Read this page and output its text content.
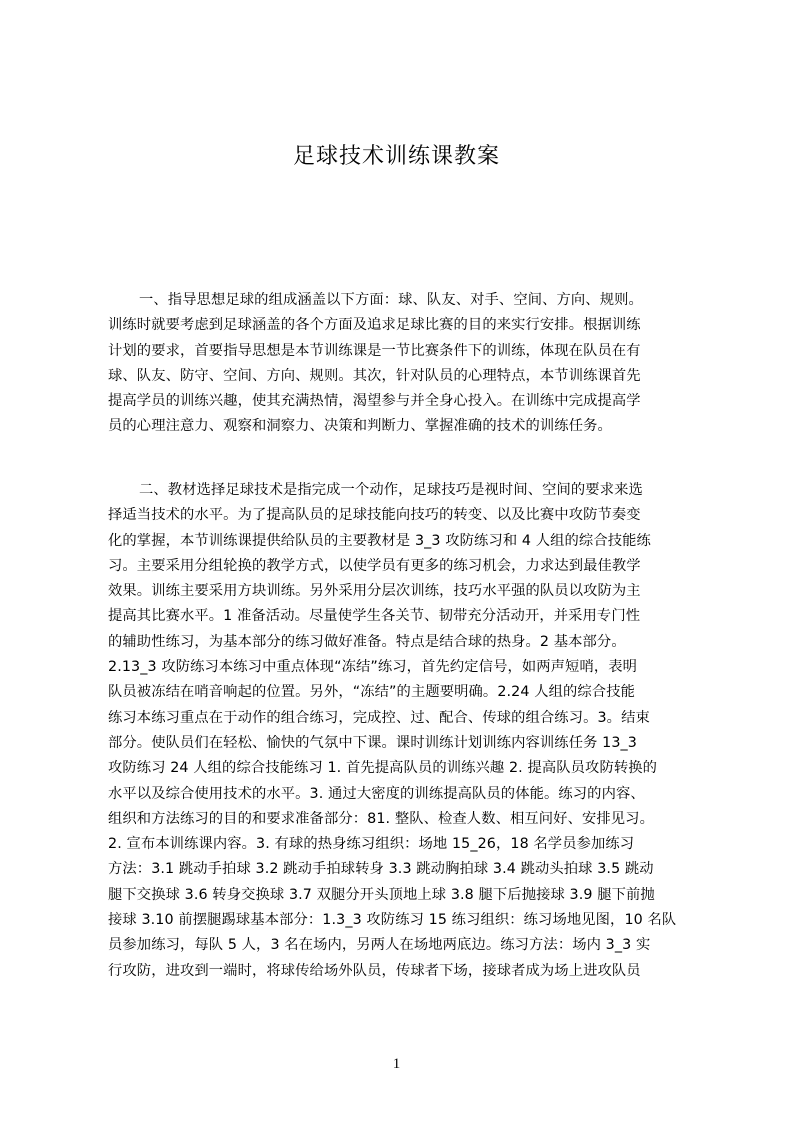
足球技术训练课教案
一、指导思想足球的组成涵盖以下方面：球、队友、对手、空间、方向、规则。
训练时就要考虑到足球涵盖的各个方面及追求足球比赛的目的来实行安排。根据训练
计划的要求，首要指导思想是本节训练课是一节比赛条件下的训练，体现在队员在有
球、队友、防守、空间、方向、规则。其次，针对队员的心理特点，本节训练课首先
提高学员的训练兴趣，使其充满热情，渴望参与并全身心投入。在训练中完成提高学
员的心理注意力、观察和洞察力、决策和判断力、掌握准确的技术的训练任务。
二、教材选择足球技术是指完成一个动作，足球技巧是视时间、空间的要求来选
择适当技术的水平。为了提高队员的足球技能向技巧的转变、以及比赛中攻防节奏变
化的掌握，本节训练课提供给队员的主要教材是 3_3 攻防练习和 4 人组的综合技能练
习。主要采用分组轮换的教学方式，以使学员有更多的练习机会，力求达到最佳教学
效果。训练主要采用方块训练。另外采用分层次训练，技巧水平强的队员以攻防为主
提高其比赛水平。1 准备活动。尽量使学生各关节、韧带充分活动开，并采用专门性
的辅助性练习，为基本部分的练习做好准备。特点是结合球的热身。2 基本部分。
2.13_3 攻防练习本练习中重点体现“冻结”练习，首先约定信号，如两声短哨，表明
队员被冻结在哨音响起的位置。另外，“冻结”的主题要明确。2.24 人组的综合技能
练习本练习重点在于动作的组合练习，完成控、过、配合、传球的组合练习。3。结束
部分。使队员们在轻松、愉快的气氛中下课。课时训练计划训练内容训练任务 13_3
攻防练习 24 人组的综合技能练习 1. 首先提高队员的训练兴趣 2. 提高队员攻防转换的
水平以及综合使用技术的水平。3. 通过大密度的训练提高队员的体能。练习的内容、
组织和方法练习的目的和要求准备部分：81. 整队、检查人数、相互问好、安排见习。
2. 宣布本训练课内容。3. 有球的热身练习组织：场地 15_26，18 名学员参加练习
方法：3.1 跳动手拍球 3.2 跳动手拍球转身 3.3 跳动胸拍球 3.4 跳动头拍球 3.5 跳动
腿下交换球 3.6 转身交换球 3.7 双腿分开头顶地上球 3.8 腿下后抛接球 3.9 腿下前抛
接球 3.10 前摆腿踢球基本部分：1.3_3 攻防练习 15 练习组织：练习场地见图，10 名队
员参加练习，每队 5 人，3 名在场内，另两人在场地两底边。练习方法：场内 3_3 实
行攻防，进攻到一端时，将球传给场外队员，传球者下场，接球者成为场上进攻队员
1
